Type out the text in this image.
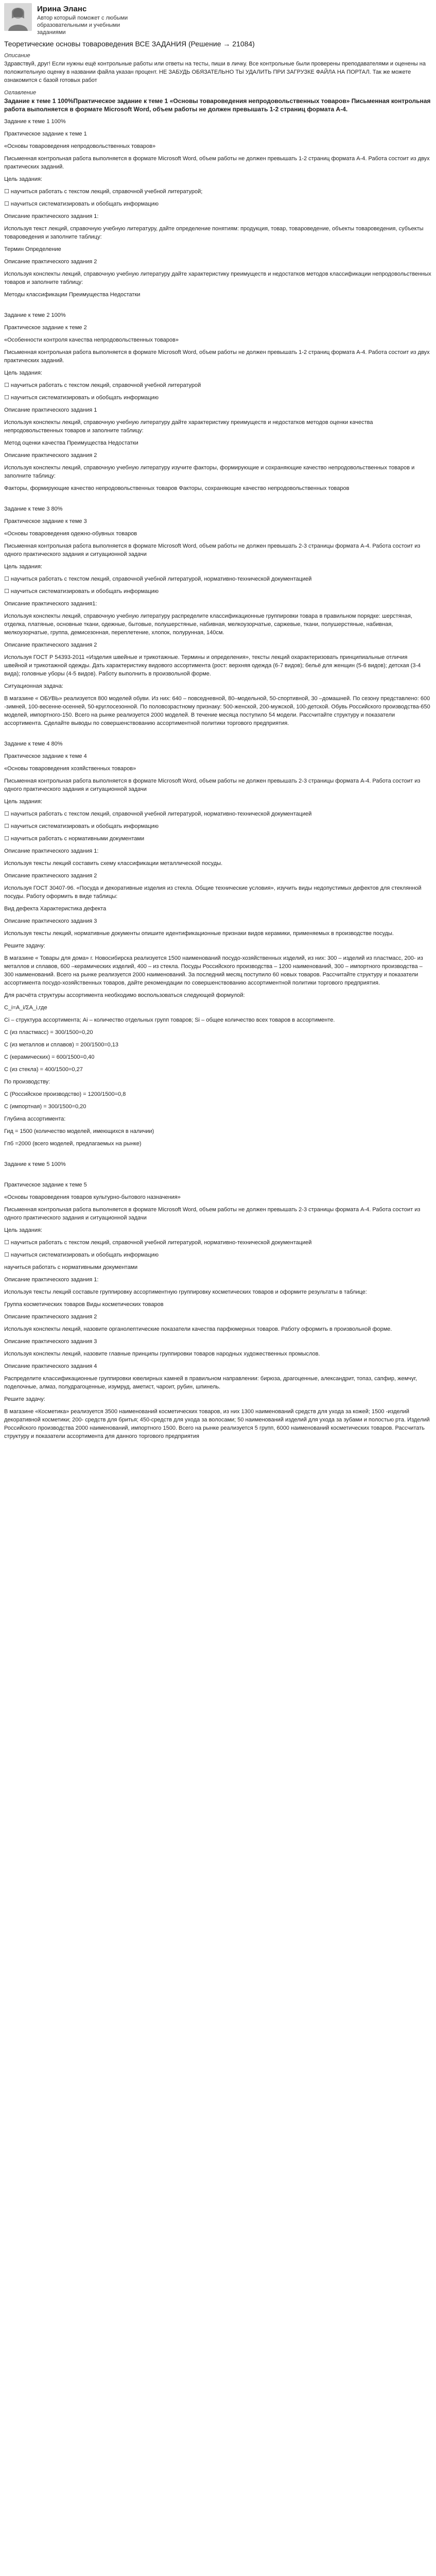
Ирина Эланс
Автор который поможет с любыми образовательными и учебными заданиями
Теоретические основы товароведения ВСЕ ЗАДАНИЯ (Решение → 21084)
Описание

Здравствуй, друг! Если нужны ещё контрольные работы или ответы на тесты, пиши в личку. Все контрольные были проверены преподавателями и оценены на положительную оценку в названии файла указан процент. НЕ ЗАБУДЬ ОБЯЗАТЕЛЬНО ТЫ УДАЛИТЬ ПРИ ЗАГРУЗКЕ ФАЙЛА НА ПОРТАЛ. Так же можете ознакомится с базой готовых работ

Оглавление
Задание к теме 1 100%Практическое задание к теме 1 «Основы товароведения непродовольственных товаров» Письменная контрольная работа выполняется в формате Microsoft Word, объем работы не должен превышать 1-2 страниц формата А-4.

Задание к теме 1 100%

Практическое задание к теме 1

«Основы товароведения непродовольственных товаров»

Письменная контрольная работа выполняется в формате Microsoft Word, объем работы не должен превышать 1-2 страниц формата А-4. Работа состоит из двух практических заданий.

Цель задания:

☐ научиться работать с текстом лекций, справочной учебной литературой;

☐ научиться систематизировать и обобщать информацию

Описание практического задания 1:

Используя текст лекций, справочную учебную литературу, дайте определение понятиям: продукция, товар, товароведение, объекты товароведения, субъекты товароведения и заполните таблицу:

Термин Определение

Описание практического задания 2

Используя конспекты лекций, справочную учебную литературу дайте характеристику преимуществ и недостатков методов классификации непродовольственных товаров и заполните таблицу:

Методы классификации Преимущества Недостатки

Задание к теме 2 100%

Практическое задание к теме 2

«Особенности контроля качества непродовольственных товаров»

Письменная контрольная работа выполняется в формате Microsoft Word, объем работы не должен превышать 1-2 страниц формата А-4. Работа состоит из двух практических заданий.

Цель задания:

☐ научиться работать с текстом лекций, справочной учебной литературой

☐ научиться систематизировать и обобщать информацию

Описание практического задания 1

Используя конспекты лекций, справочную учебную литературу дайте характеристику преимуществ и недостатков методов оценки качества непродовольственных товаров и заполните таблицу:

Метод оценки качества Преимущества Недостатки

Описание практического задания 2

Используя конспекты лекций, справочную учебную литературу изучите факторы, формирующие и сохраняющие качество непродовольственных товаров и заполните таблицу:

Факторы, формирующие качество непродовольственных товаров Факторы, сохраняющие качество непродовольственных товаров

Задание к теме 3 80%

Практическое задание к теме 3

«Основы товароведения одежно-обувных товаров

Письменная контрольная работа выполняется в формате Microsoft Word, объем работы не должен превышать 2-3 страницы формата А-4. Работа состоит из одного практического задания и ситуационной задачи

Цель задания:

☐ научиться работать с текстом лекций, справочной учебной литературой, нормативно-технической документацией

☐ научиться систематизировать и обобщать информацию

Описание практического задания1:

Используя конспекты лекций, справочную учебную литературу распределите классификационные группировки товара в правильном порядке: шерстяная, отделка, платяные, основные ткани, одежные, бытовые, полушерстяные, набивная, мелкоузорчатые, саржевые, ткани, полушерстяные, набивная, мелкоузорчатые, группа, демисезонная, переплетение, хлопок, полурунная, 140см.

Описание практического задания 2

Используя ГОСТ Р 54393-2011 «Изделия швейные и трикотажные. Термины и определения», тексты лекций охарактеризовать принципиальные отличия швейной и трикотажной одежды. Дать характеристику видового ассортимента (рост: верхняя одежда (6-7 видов); бельё для женщин (5-6 видов); детская (3-4 вида); головные уборы (4-5 видов). Работу выполнить в произвольной форме.

Ситуационная задача:

В магазине « ОБУВЬ» реализуется 800 моделей обуви. Из них: 640 – повседневной, 80–модельной, 50-спортивной, 30 –домашней. По сезону представлено: 600 -зимней, 100-весенне-осенней, 50-круглосезонной. По половозрастному признаку: 500-женской, 200-мужской, 100-детской. Обувь Российского производства-650 моделей, импортного-150. Всего на рынке реализуется 2000 моделей. В течение месяца поступило 54 модели. Рассчитайте структуру и показатели ассортимента. Сделайте выводы по совершенствованию ассортиментной политики торгового предприятия.

Задание к теме 4 80%

Практическое задание к теме 4

«Основы товароведения хозяйственных товаров»

Письменная контрольная работа выполняется в формате Microsoft Word, объем работы не должен превышать 2-3 страницы формата А-4. Работа состоит из одного практического задания и ситуационной задачи

Цель задания:

☐ научиться работать с текстом лекций, справочной учебной литературой, нормативно-технической документацией

☐ научиться систематизировать и обобщать информацию

☐ научиться работать с нормативными документами

Описание практического задания 1:

Используя тексты лекций составить схему классификации металлической посуды.

Описание практического задания 2

Используя ГОСТ 30407-96. «Посуда и декоративные изделия из стекла. Общие технические условия», изучить виды недопустимых дефектов для стеклянной посуды. Работу оформить в виде таблицы:

Вид дефекта Характеристика дефекта

Описание практического задания 3

Используя тексты лекций, нормативные документы опишите идентификационные признаки видов керамики, применяемых в производстве посуды.

Решите задачу:

В магазине « Товары для дома» г. Новосибирска реализуется 1500 наименований посудо-хозяйственных изделий, из них: 300 – изделий из пластмасс, 200- из металлов и сплавов, 600 –керамических изделий, 400 – из стекла. Посуды Российского производства – 1200 наименований, 300 – импортного производства – 300 наименований. Всего на рынке реализуется 2000 наименований. За последний месяц поступило 60 новых товаров. Рассчитайте структуру и показатели ассортимента посудо-хозяйственных товаров, дайте рекомендации по совершенствованию ассортиментной политики торгового предприятия.

Для расчёта структуры ассортимента необходимо воспользоваться следующей формулой:

C_i=A_i/ΣA_i,где

Ci – структура ассортимента; Ai – количество отдельных групп товаров; Si – общее количество всех товаров в ассортименте.

С (из пластмасс) = 300/1500=0,20

С (из металлов и сплавов) = 200/1500=0,13

С (керамических) = 600/1500=0,40

С (из стекла) = 400/1500=0,27

По производству:

С (Российское производство) = 1200/1500=0,8

С (импортная) = 300/1500=0,20

Глубина ассортимента:

Гид = 1500 (количество моделей, имеющихся в наличии)

Гпб =2000 (всего моделей, предлагаемых на рынке)

Задание к теме 5 100%

Практическое задание к теме 5

«Основы товароведения товаров культурно-бытового назначения»

Письменная контрольная работа выполняется в формате Microsoft Word, объем работы не должен превышать 2-3 страницы формата А-4. Работа состоит из одного практического задания и ситуационной задачи

Цель задания:

☐ научиться работать с текстом лекций, справочной учебной литературой, нормативно-технической документацией

☐ научиться систематизировать и обобщать информацию

научиться работать с нормативными документами

Описание практического задания 1:

Используя тексты лекций составьте группировку ассортиментную группировку косметических товаров и оформите результаты в таблице:

Группа косметических товаров Виды косметических товаров

Описание практического задания 2

Используя конспекты лекций, назовите органолептические показатели качества парфюмерных товаров. Работу оформить в произвольной форме.

Описание практического задания 3

Используя конспекты лекций, назовите главные принципы группировки товаров народных художественных промыслов.

Описание практического задания 4

Распределите классификационные группировки ювелирных камней в правильном направлении: бирюза, драгоценные, александрит, топаз, сапфир, жемчуг, поделочные, алмаз, полудрагоценные, изумруд, аметист, чароит, рубин, шпинель.

Решите задачу:

В магазине «Косметика» реализуется 3500 наименований косметических товаров, из них 1300 наименований средств для ухода за кожей; 1500 -изделий декоративной косметики; 200- средств для бритья; 450-средств для ухода за волосами; 50 наименований изделий для ухода за зубами и полостью рта. Изделий Российского производства 2000 наименований, импортного 1500. Всего на рынке реализуется 5 групп, 6000 наименований косметических товаров. Рассчитать структуру и показатели ассортимента для данного торгового предприятия
